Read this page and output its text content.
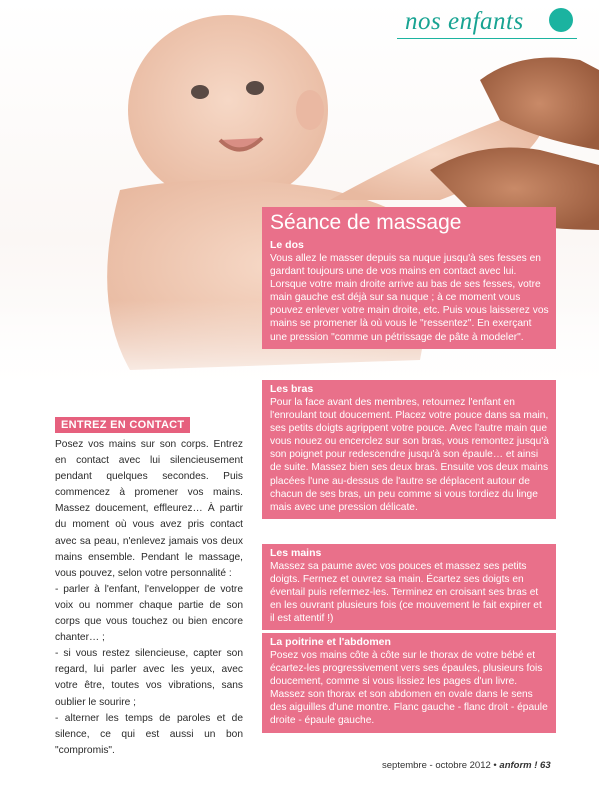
nos enfants
ENTREZ EN CONTACT

Posez vos mains sur son corps. Entrez en contact avec lui silencieusement pendant quelques secondes. Puis commencez à promener vos mains. Massez doucement, effleurez… À partir du moment où vous avez pris contact avec sa peau, n'enlevez jamais vos deux mains ensemble. Pendant le massage, vous pouvez, selon votre personnalité :

- parler à l'enfant, l'envelopper de votre voix ou nommer chaque partie de son corps que vous touchez ou bien encore chanter… ;

- si vous restez silencieuse, capter son regard, lui parler avec les yeux, avec votre être, toutes vos vibrations, sans oublier le sourire ;

- alterner les temps de paroles et de silence, ce qui est aussi un bon "compromis".

Séance de massage
Le dos

Vous allez le masser depuis sa nuque jusqu'à ses fesses en gardant toujours une de vos mains en contact avec lui. Lorsque votre main droite arrive au bas de ses fesses, votre main gauche est déjà sur sa nuque ; à ce moment vous pouvez enlever votre main droite, etc. Puis vous laisserez vos mains se promener là où vous le "ressentez". En exerçant une pression "comme un pétrissage de pâte à modeler".

Les bras

Pour la face avant des membres, retournez l'enfant en l'enroulant tout doucement. Placez votre pouce dans sa main, ses petits doigts agrippent votre pouce. Avec l'autre main que vous nouez ou encerclez sur son bras, vous remontez jusqu'à son poignet pour redescendre jusqu'à son épaule… et ainsi de suite. Massez bien ses deux bras. Ensuite vos deux mains placées l'une au-dessus de l'autre se déplacent autour de chacun de ses bras, un peu comme si vous tordiez du linge mais avec une pression délicate.

Les mains

Massez sa paume avec vos pouces et massez ses petits doigts. Fermez et ouvrez sa main. Écartez ses doigts en éventail puis refermez-les. Terminez en croisant ses bras et en les ouvrant plusieurs fois (ce mouvement le fait expirer et il est attentif !)

La poitrine et l'abdomen

Posez vos mains côte à côte sur le thorax de votre bébé et écartez-les progressivement vers ses épaules, plusieurs fois doucement, comme si vous lissiez les pages d'un livre. Massez son thorax et son abdomen en ovale dans le sens des aiguilles d'une montre. Flanc gauche - flanc droit - épaule droite - épaule gauche.

septembre - octobre 2012 • anform ! 63
